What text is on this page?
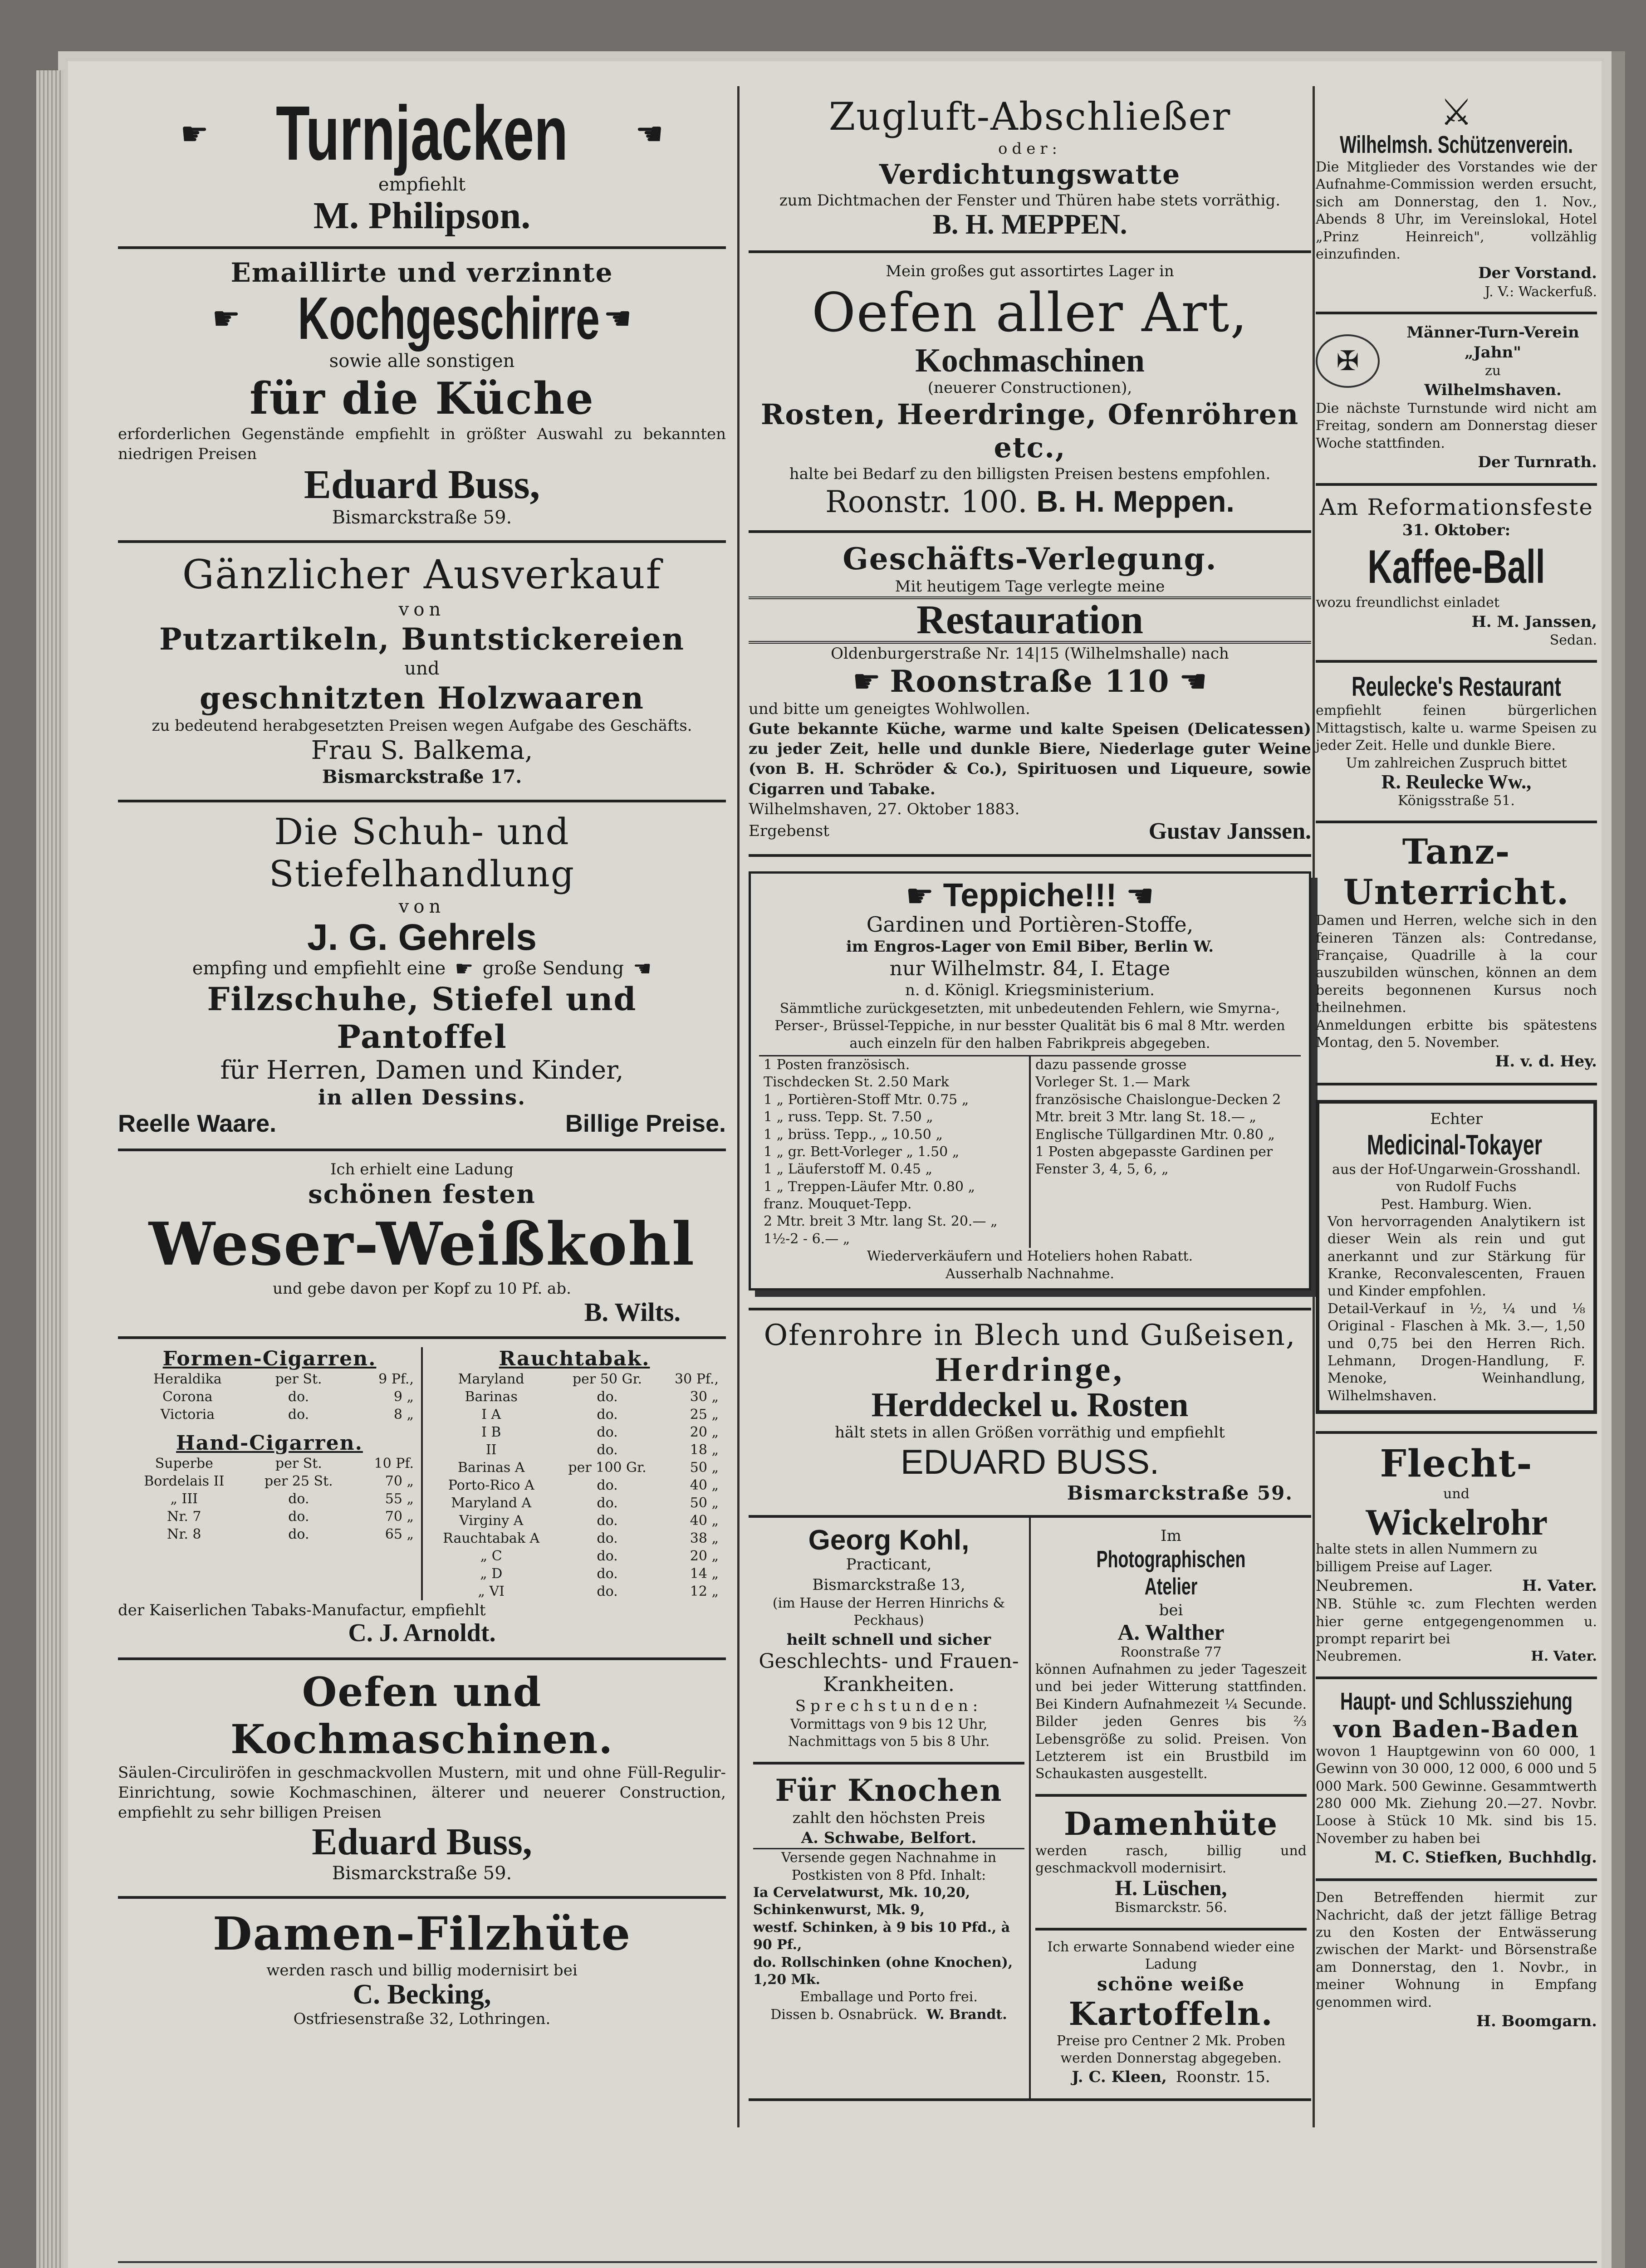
☛ Turnjacken ☚
empfiehlt
M. Philipson.
Emaillirte und verzinnte
☛ Kochgeschirre ☚
sowie alle sonstigen
für die Küche
erforderlichen Gegenstände empfiehlt in größter Auswahl zu bekannten niedrigen Preisen
Eduard Buss,
Bismarckstraße 59.
Gänzlicher Ausverkauf
von
Putzartikeln, Buntstickereien
und
geschnitzten Holzwaaren
zu bedeutend herabgesetzten Preisen wegen Aufgabe des Geschäfts.
Frau S. Balkema,
Bismarckstraße 17.
Die Schuh- und Stiefelhandlung
von
J. G. Gehrels
empfing und empfiehlt eine ☛ große Sendung ☚
Filzschuhe, Stiefel und Pantoffel
für Herren, Damen und Kinder,
in allen Dessins.
Reelle Waare.	Billige Preise.
Ich erhielt eine Ladung
schönen festen
Weser-Weißkohl
und gebe davon per Kopf zu 10 Pf. ab.
B. Wilts.
Formen-Cigarren.
Heraldika	per St.	9 Pf.,
Corona	do.	9 „
Victoria	do.	8 „
Hand-Cigarren.
Superbe	per St.	10 Pf.
Bordelais II	per 25 St.	70 „
„ III	do.	55 „
Nr. 7	do.	70 „
Nr. 8	do.	65 „
Rauchtabak.
Maryland	per 50 Gr.	30 Pf.,
Barinas	do.	30 „
I A	do.	25 „
I B	do.	20 „
II	do.	18 „
Barinas A	per 100 Gr.	50 „
Porto-Rico A	do.	40 „
Maryland A	do.	50 „
Virginy A	do.	40 „
Rauchtabak A	do.	38 „
„ C	do.	20 „
„ D	do.	14 „
„ VI	do.	12 „
der Kaiserlichen Tabaks-Manufactur, empfiehlt
C. J. Arnoldt.
Oefen und Kochmaschinen.
Säulen-Circuliröfen in geschmackvollen Mustern, mit und ohne Füll-Regulir-Einrichtung, sowie Kochmaschinen, älterer und neuerer Construction, empfiehlt zu sehr billigen Preisen
Eduard Buss,
Bismarckstraße 59.
Damen-Filzhüte
werden rasch und billig modernisirt bei
C. Becking,
Ostfriesenstraße 32, Lothringen.
Zugluft-Abschließer
oder:
Verdichtungswatte
zum Dichtmachen der Fenster und Thüren habe stets vorräthig.
B. H. MEPPEN.
Mein großes gut assortirtes Lager in
Oefen aller Art,
Kochmaschinen
(neuerer Constructionen),
Rosten, Heerdringe, Ofenröhren etc.,
halte bei Bedarf zu den billigsten Preisen bestens empfohlen.
Roonstr. 100. B. H. Meppen.
Geschäfts-Verlegung.
Mit heutigem Tage verlegte meine
Restauration
Oldenburgerstraße Nr. 14|15 (Wilhelmshalle) nach
☛ Roonstraße 110 ☚
und bitte um geneigtes Wohlwollen.
Gute bekannte Küche, warme und kalte Speisen (Delicatessen) zu jeder Zeit, helle und dunkle Biere, Niederlage guter Weine (von B. H. Schröder & Co.), Spirituosen und Liqueure, sowie Cigarren und Tabake.
Wilhelmshaven, 27. Oktober 1883.
Ergebenst	Gustav Janssen.
☛ Teppiche!!! ☚
Gardinen und Portièren-Stoffe,
im Engros-Lager von Emil Biber, Berlin W.
nur Wilhelmstr. 84, I. Etage
n. d. Königl. Kriegsministerium.
Sämmtliche zurückgesetzten, mit unbedeutenden Fehlern, wie Smyrna-, Perser-, Brüssel-Teppiche, in nur besster Qualität bis 6 mal 8 Mtr. werden auch einzeln für den halben Fabrikpreis abgegeben.
1 Posten französisch.
Tischdecken St. 2.50 Mark
1 „ Portièren-Stoff Mtr. 0.75 „
1 „ russ. Tepp. St. 7.50 „
1 „ brüss. Tepp., „ 10.50 „
1 „ gr. Bett-Vorleger „ 1.50 „
1 „ Läuferstoff M. 0.45 „
1 „ Treppen-Läufer Mtr. 0.80 „
franz. Mouquet-Tepp.
2 Mtr. breit 3 Mtr. lang St. 20.— „
1½-2 - 6.— „
dazu passende grosse
Vorleger St. 1.— Mark
französische Chaislongue-Decken 2 Mtr. breit 3 Mtr. lang St. 18.— „
Englische Tüllgardinen Mtr. 0.80 „
1 Posten abgepasste Gardinen per Fenster 3, 4, 5, 6, „
Wiederverkäufern und Hoteliers hohen Rabatt.
Ausserhalb Nachnahme.
Ofenrohre in Blech und Gußeisen,
Herdringe,
Herddeckel u. Rosten
hält stets in allen Größen vorräthig und empfiehlt
EDUARD BUSS.
Bismarckstraße 59.
Georg Kohl,
Practicant,
Bismarckstraße 13,
(im Hause der Herren Hinrichs & Peckhaus)
heilt schnell und sicher
Geschlechts- und Frauen-Krankheiten.
Sprechstunden:
Vormittags von 9 bis 12 Uhr, Nachmittags von 5 bis 8 Uhr.
Für Knochen
zahlt den höchsten Preis
A. Schwabe, Belfort.
Versende gegen Nachnahme in Postkisten von 8 Pfd. Inhalt:
Ia Cervelatwurst, Mk. 10,20,
Schinkenwurst, Mk. 9,
westf. Schinken, à 9 bis 10 Pfd., à 90 Pf.,
do. Rollschinken (ohne Knochen), 1,20 Mk.
Emballage und Porto frei.
Dissen b. Osnabrück. W. Brandt.
Im
Photographischen Atelier
bei
A. Walther
Roonstraße 77
können Aufnahmen zu jeder Tageszeit und bei jeder Witterung stattfinden. Bei Kindern Aufnahmezeit ¼ Secunde. Bilder jeden Genres bis ⅔ Lebensgröße zu solid. Preisen. Von Letzterem ist ein Brustbild im Schaukasten ausgestellt.
Damenhüte
werden rasch, billig und geschmackvoll modernisirt.
H. Lüschen,
Bismarckstr. 56.
Ich erwarte Sonnabend wieder eine Ladung
schöne weiße
Kartoffeln.
Preise pro Centner 2 Mk. Proben werden Donnerstag abgegeben.
J. C. Kleen, Roonstr. 15.
⚔
Wilhelmsh. Schützenverein.
Die Mitglieder des Vorstandes wie der Aufnahme-Commission werden ersucht, sich am Donnerstag, den 1. Nov., Abends 8 Uhr, im Vereinslokal, Hotel „Prinz Heinreich", vollzählig einzufinden.
Der Vorstand.
J. V.: Wackerfuß.
✠
Männer-Turn-Verein „Jahn"
zu
Wilhelmshaven.
Die nächste Turnstunde wird nicht am Freitag, sondern am Donnerstag dieser Woche stattfinden.
Der Turnrath.
Am Reformationsfeste
31. Oktober:
Kaffee-Ball
wozu freundlichst einladet
H. M. Janssen,
Sedan.
Reulecke's Restaurant
empfiehlt feinen bürgerlichen Mittagstisch, kalte u. warme Speisen zu jeder Zeit. Helle und dunkle Biere.
Um zahlreichen Zuspruch bittet
R. Reulecke Ww.,
Königsstraße 51.
Tanz-Unterricht.
Damen und Herren, welche sich in den feineren Tänzen als: Contredanse, Française, Quadrille à la cour auszubilden wünschen, können an dem bereits begonnenen Kursus noch theilnehmen.
Anmeldungen erbitte bis spätestens Montag, den 5. November.
H. v. d. Hey.
Echter
Medicinal-Tokayer
aus der Hof-Ungarwein-Grosshandl. von Rudolf Fuchs
Pest. Hamburg. Wien.
Von hervorragenden Analytikern ist dieser Wein als rein und gut anerkannt und zur Stärkung für Kranke, Reconvalescenten, Frauen und Kinder empfohlen.
Detail-Verkauf in ½, ¼ und ⅛ Original - Flaschen à Mk. 3.—, 1,50 und 0,75 bei den Herren Rich. Lehmann, Drogen-Handlung, F. Menoke, Weinhandlung, Wilhelmshaven.
Flecht-
und
Wickelrohr
halte stets in allen Nummern zu billigem Preise auf Lager.
Neubremen.	H. Vater.
NB. Stühle ꝛc. zum Flechten werden hier gerne entgegengenommen u. prompt reparirt bei
Neubremen.	H. Vater.
Haupt- und Schlussziehung
von Baden-Baden
wovon 1 Hauptgewinn von 60 000, 1 Gewinn von 30 000, 12 000, 6 000 und 5 000 Mark. 500 Gewinne. Gesammtwerth 280 000 Mk. Ziehung 20.—27. Novbr. Loose à Stück 10 Mk. sind bis 15. November zu haben bei
M. C. Stiefken, Buchhdlg.
Den Betreffenden hiermit zur Nachricht, daß der jetzt fällige Betrag zu den Kosten der Entwässerung zwischen der Markt- und Börsenstraße am Donnerstag, den 1. Novbr., in meiner Wohnung in Empfang genommen wird.
H. Boomgarn.
